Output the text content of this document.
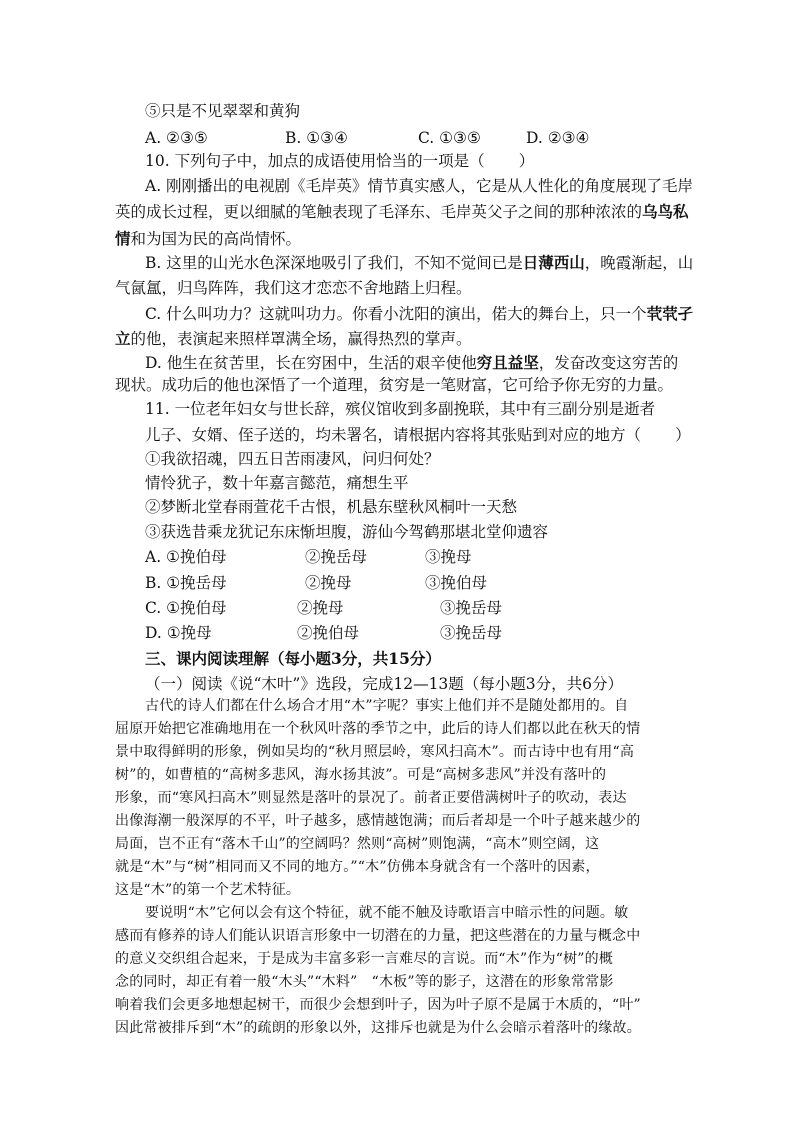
⑤只是不见翠翠和黄狗
A. ②③⑤	B. ①③④	C. ①③⑤	D. ②③④
10. 下列句子中，加点的成语使用恰当的一项是（ ）
A. 刚刚播出的电视剧《毛岸英》情节真实感人，它是从人性化的角度展现了毛岸
英的成长过程，更以细腻的笔触表现了毛泽东、毛岸英父子之间的那种浓浓的乌鸟私
情和为国为民的高尚情怀。
B. 这里的山光水色深深地吸引了我们，不知不觉间已是日薄西山，晚霞渐起，山
气氤氲，归鸟阵阵，我们这才恋恋不舍地踏上归程。
C. 什么叫功力？这就叫功力。你看小沈阳的演出，偌大的舞台上，只一个茕茕孑
立的他，表演起来照样罩满全场，赢得热烈的掌声。
D. 他生在贫苦里，长在穷困中，生活的艰辛使他穷且益坚，发奋改变这穷苦的
现状。成功后的他也深悟了一个道理，贫穷是一笔财富，它可给予你无穷的力量。
11. 一位老年妇女与世长辞，殡仪馆收到多副挽联，其中有三副分别是逝者
儿子、女婿、侄子送的，均未署名，请根据内容将其张贴到对应的地方（ ）
①我欲招魂，四五日苦雨凄风，问归何处？
情怜犹子，数十年嘉言懿范，痛想生平
②梦断北堂春雨萱花千古恨，机悬东壁秋风桐叶一天愁
③获选昔乘龙犹记东床惭坦腹，游仙今驾鹤那堪北堂仰遗容
A. ①挽伯母	②挽岳母	③挽母
B. ①挽岳母	②挽母	③挽伯母
C. ①挽伯母	②挽母	③挽岳母
D. ①挽母	②挽伯母	③挽岳母
三、课内阅读理解（每小题3分，共15分）
（一）阅读《说“木叶”》选段，完成12—13题（每小题3分，共6分）
古代的诗人们都在什么场合才用“木”字呢？事实上他们并不是随处都用的。自
屈原开始把它准确地用在一个秋风叶落的季节之中，此后的诗人们都以此在秋天的情
景中取得鲜明的形象，例如吴均的“秋月照层岭，寒风扫高木”。而古诗中也有用“高
树”的，如曹植的“高树多悲风，海水扬其波”。可是“高树多悲风”并没有落叶的
形象，而“寒风扫高木”则显然是落叶的景况了。前者正要借满树叶子的吹动，表达
出像海潮一般深厚的不平，叶子越多，感情越饱满；而后者却是一个叶子越来越少的
局面，岂不正有“落木千山”的空阔吗？然则“高树”则饱满，“高木”则空阔，这
就是“木”与“树”相同而又不同的地方。”“木”仿佛本身就含有一个落叶的因素，
这是“木”的第一个艺术特征。
要说明“木”它何以会有这个特征，就不能不触及诗歌语言中暗示性的问题。敏
感而有修养的诗人们能认识语言形象中一切潜在的力量，把这些潜在的力量与概念中
的意义交织组合起来，于是成为丰富多彩一言难尽的言说。而“木”作为“树”的概
念的同时，却正有着一般“木头”“木料”　“木板”等的影子，这潜在的形象常常影
响着我们会更多地想起树干，而很少会想到叶子，因为叶子原不是属于木质的，“叶”
因此常被排斥到“木”的疏朗的形象以外，这排斥也就是为什么会暗示着落叶的缘故。
